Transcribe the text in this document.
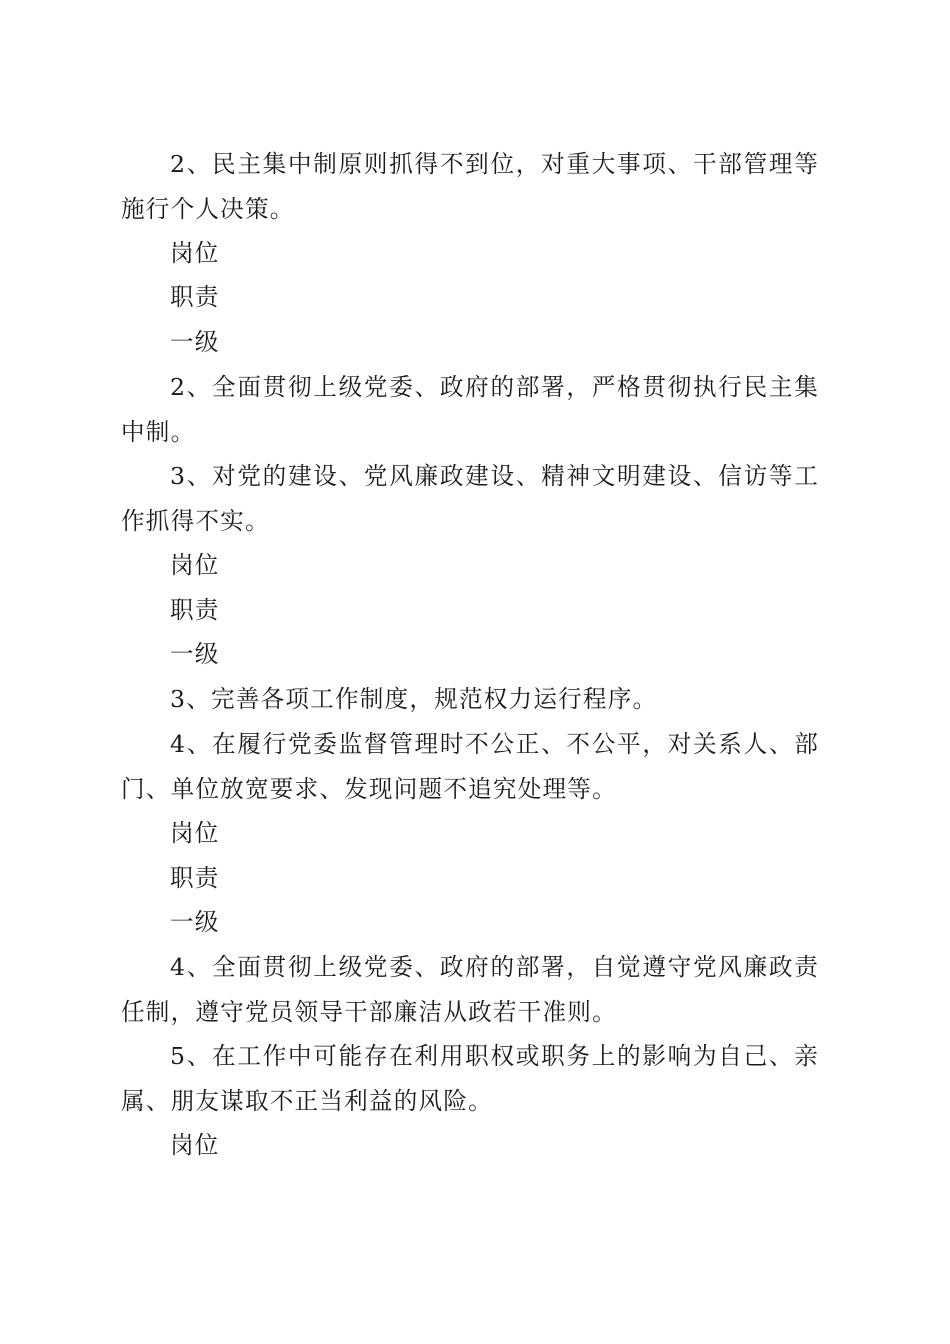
2、民主集中制原则抓得不到位，对重大事项、干部管理等施行个人决策。

岗位

职责

一级

2、全面贯彻上级党委、政府的部署，严格贯彻执行民主集中制。

3、对党的建设、党风廉政建设、精神文明建设、信访等工作抓得不实。

岗位

职责

一级

3、完善各项工作制度，规范权力运行程序。

4、在履行党委监督管理时不公正、不公平，对关系人、部门、单位放宽要求、发现问题不追究处理等。

岗位

职责

一级

4、全面贯彻上级党委、政府的部署，自觉遵守党风廉政责任制，遵守党员领导干部廉洁从政若干准则。

5、在工作中可能存在利用职权或职务上的影响为自己、亲属、朋友谋取不正当利益的风险。

岗位
